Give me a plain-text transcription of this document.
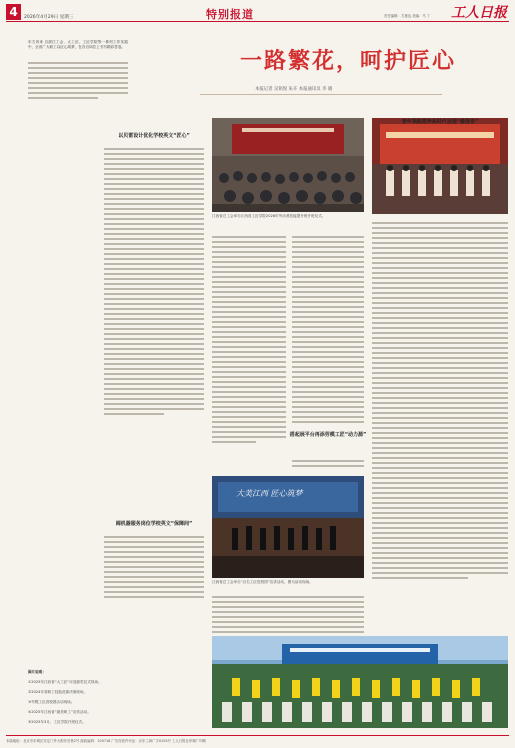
4	2026年4月29日 星期三	特别报道	责任编辑：方惠达 美编：马 丁 工人日报
东方风来 自浙江工会、大工匠、工匠学院等一系列工作实践中，全省广大职工以匠心筑梦，在各自岗位上书写精彩答卷。
一路繁花，呵护匠心
本报记者 吴铭悦 朱卉 本报通讯员 李 晓
以贝雷设计优化学校英文“匠心”
阔机器服务岗位学校英文“保障间”
图片说明：
①2025年江西省“大工匠”评选颁奖仪式现场。
②2024年省职工技能竞赛决赛现场。
③劳模工匠进校园活动现场。
④2025年江西省“最美职工”宣传活动。
⑤2025年3月，工匠学院开班仪式。
江西省总工会举办江西省工匠学院2026年劳动者技能提升班开班仪式。
搭起展平台再添劳模工匠“动力源”
大美江西 匠心筑梦
江西省总工会举办“百名工匠进校园”宣讲活动，图为活动现场。
青年领航搭奔高时代呈现“最强音”
本版地址：北京市东城区安定门外大街东后巷2号 邮政编码：100718 广告经营许可证：京东工商广字0103号 工人日报社印刷厂印刷
